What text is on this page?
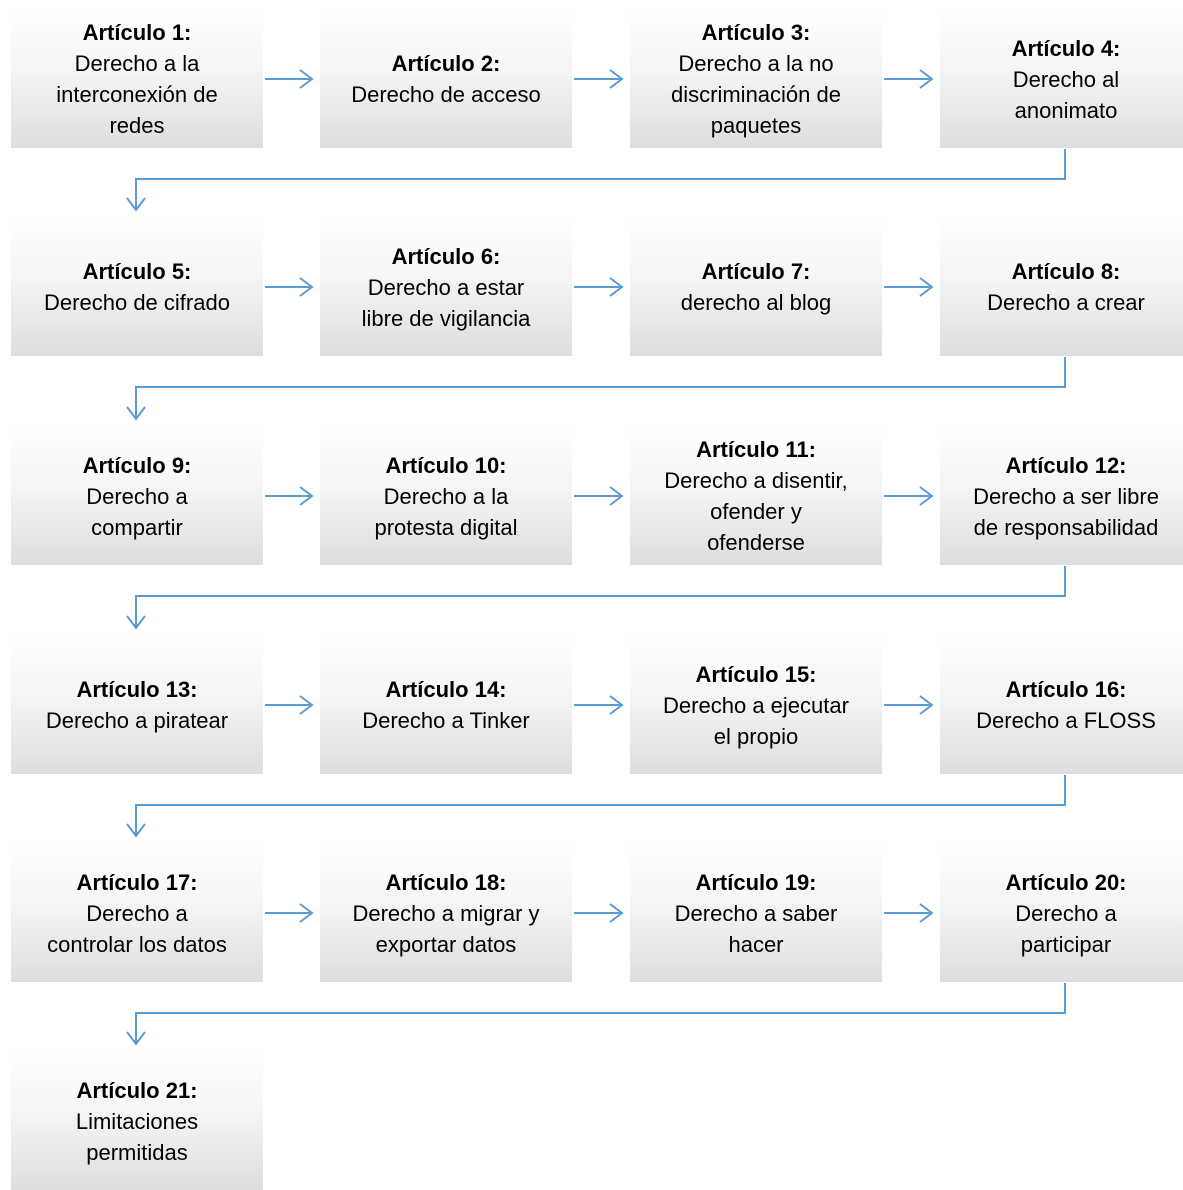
Artículo 1:
Derecho a la
interconexión de
redes
Artículo 2:
Derecho de acceso
Artículo 3:
Derecho a la no
discriminación de
paquetes
Artículo 4:
Derecho al
anonimato
Artículo 5:
Derecho de cifrado
Artículo 6:
Derecho a estar
libre de vigilancia
Artículo 7:
derecho al blog
Artículo 8:
Derecho a crear
Artículo 9:
Derecho a
compartir
Artículo 10:
Derecho a la
protesta digital
Artículo 11:
Derecho a disentir,
ofender y
ofenderse
Artículo 12:
Derecho a ser libre
de responsabilidad
Artículo 13:
Derecho a piratear
Artículo 14:
Derecho a Tinker
Artículo 15:
Derecho a ejecutar
el propio
Artículo 16:
Derecho a FLOSS
Artículo 17:
Derecho a
controlar los datos
Artículo 18:
Derecho a migrar y
exportar datos
Artículo 19:
Derecho a saber
hacer
Artículo 20:
Derecho a
participar
Artículo 21:
Limitaciones
permitidas
